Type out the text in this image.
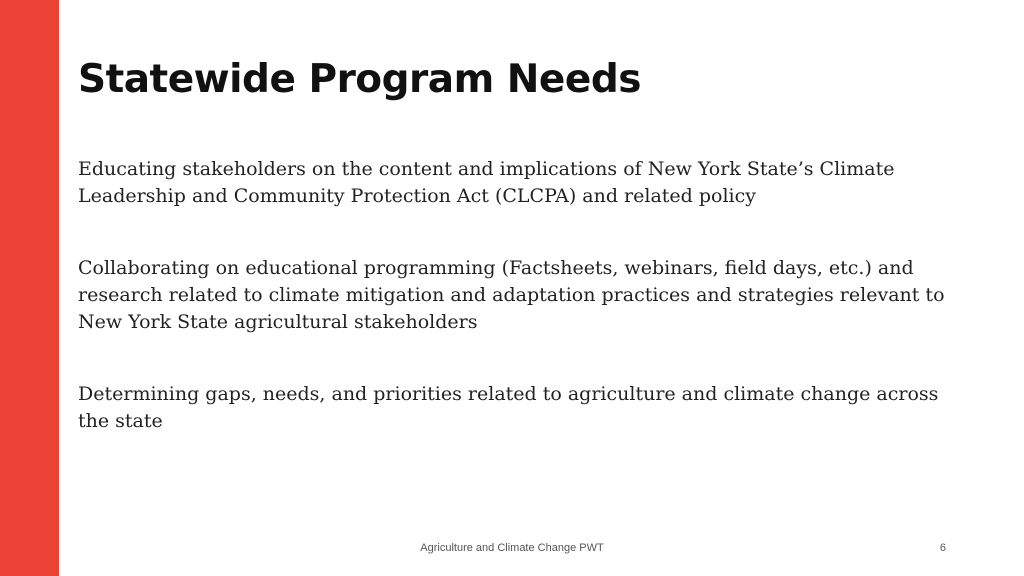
Statewide Program Needs

Educating stakeholders on the content and implications of New York State’s Climate Leadership and Community Protection Act (CLCPA) and related policy

Collaborating on educational programming (Factsheets, webinars, field days, etc.) and research related to climate mitigation and adaptation practices and strategies relevant to New York State agricultural stakeholders

Determining gaps, needs, and priorities related to agriculture and climate change across the state

Agriculture and Climate Change PWT	6
